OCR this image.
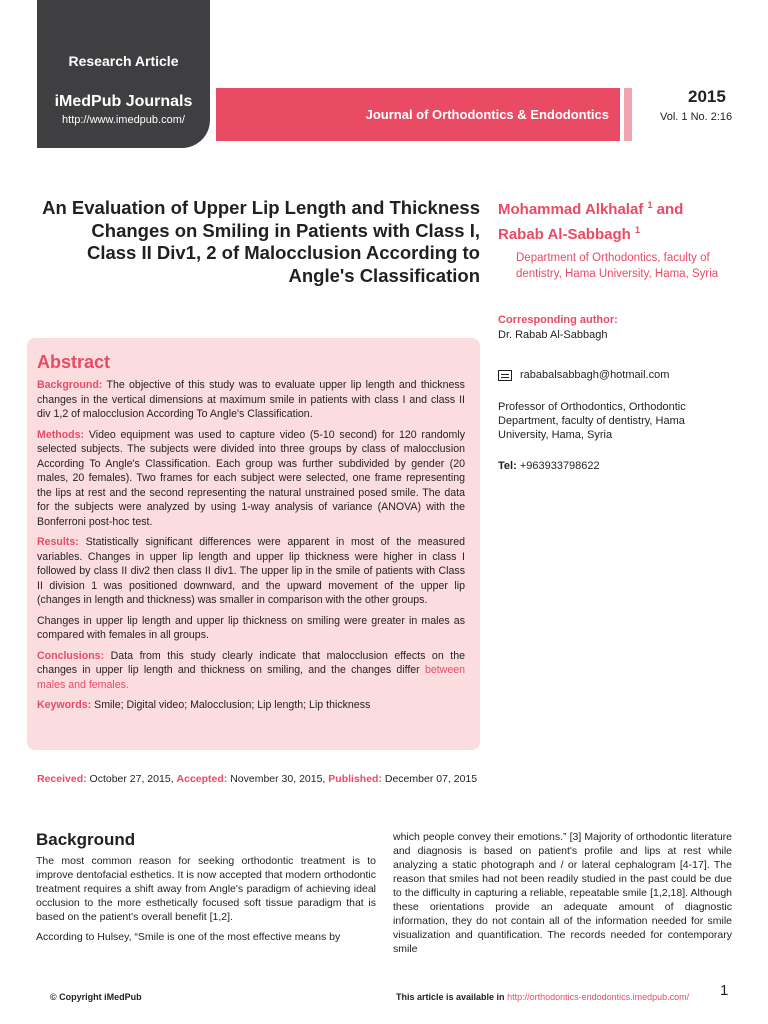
Research Article
iMedPub Journals
http://www.imedpub.com/	Journal of Orthodontics & Endodontics
2015
Vol. 1 No. 2:16
An Evaluation of Upper Lip Length and Thickness Changes on Smiling in Patients with Class I, Class II Div1, 2 of Malocclusion According to Angle's Classification
Mohammad Alkhalaf $^1$ and
Rabab Al-Sabbagh $^1$
Department of Orthodontics, faculty of dentistry, Hama University, Hama, Syria
Corresponding author:
Dr. Rabab Al-Sabbagh
rababalsabbagh@hotmail.com
Professor of Orthodontics, Orthodontic Department, faculty of dentistry, Hama University, Hama, Syria
Tel: +963933798622
Abstract

Background: The objective of this study was to evaluate upper lip length and thickness changes in the vertical dimensions at maximum smile in patients with class I and class II div 1,2 of malocclusion According To Angle's Classification.

Methods: Video equipment was used to capture video (5-10 second) for 120 randomly selected subjects. The subjects were divided into three groups by class of malocclusion According To Angle's Classification. Each group was further subdivided by gender (20 males, 20 females). Two frames for each subject were selected, one frame representing the lips at rest and the second representing the natural unstrained posed smile. The data for the subjects were analyzed by using 1-way analysis of variance (ANOVA) with the Bonferroni post-hoc test.

Results: Statistically significant differences were apparent in most of the measured variables. Changes in upper lip length and upper lip thickness were higher in class I followed by class II div2 then class II div1. The upper lip in the smile of patients with Class II division 1 was positioned downward, and the upward movement of the upper lip (changes in length and thickness) was smaller in comparison with the other groups.

Changes in upper lip length and upper lip thickness on smiling were greater in males as compared with females in all groups.

Conclusions: Data from this study clearly indicate that malocclusion effects on the changes in upper lip length and thickness on smiling, and the changes differ between males and females.

Keywords: Smile; Digital video; Malocclusion; Lip length; Lip thickness

Received: October 27, 2015, Accepted: November 30, 2015, Published: December 07, 2015
Background

The most common reason for seeking orthodontic treatment is to improve dentofacial esthetics. It is now accepted that modern orthodontic treatment requires a shift away from Angle's paradigm of achieving ideal occlusion to the more esthetically focused soft tissue paradigm that is based on the patient's overall benefit [1,2].

According to Hulsey, “Smile is one of the most effective means by

which people convey their emotions.” [3] Majority of orthodontic literature and diagnosis is based on patient's profile and lips at rest while analyzing a static photograph and / or lateral cephalogram [4-17]. The reason that smiles had not been readily studied in the past could be due to the difficulty in capturing a reliable, repeatable smile [1,2,18]. Although these orientations provide an adequate amount of diagnostic information, they do not contain all of the information needed for smile visualization and quantification. The records needed for contemporary smile

© Copyright iMedPub	This article is available in http://orthodontics-endodontics.imedpub.com/ 1
